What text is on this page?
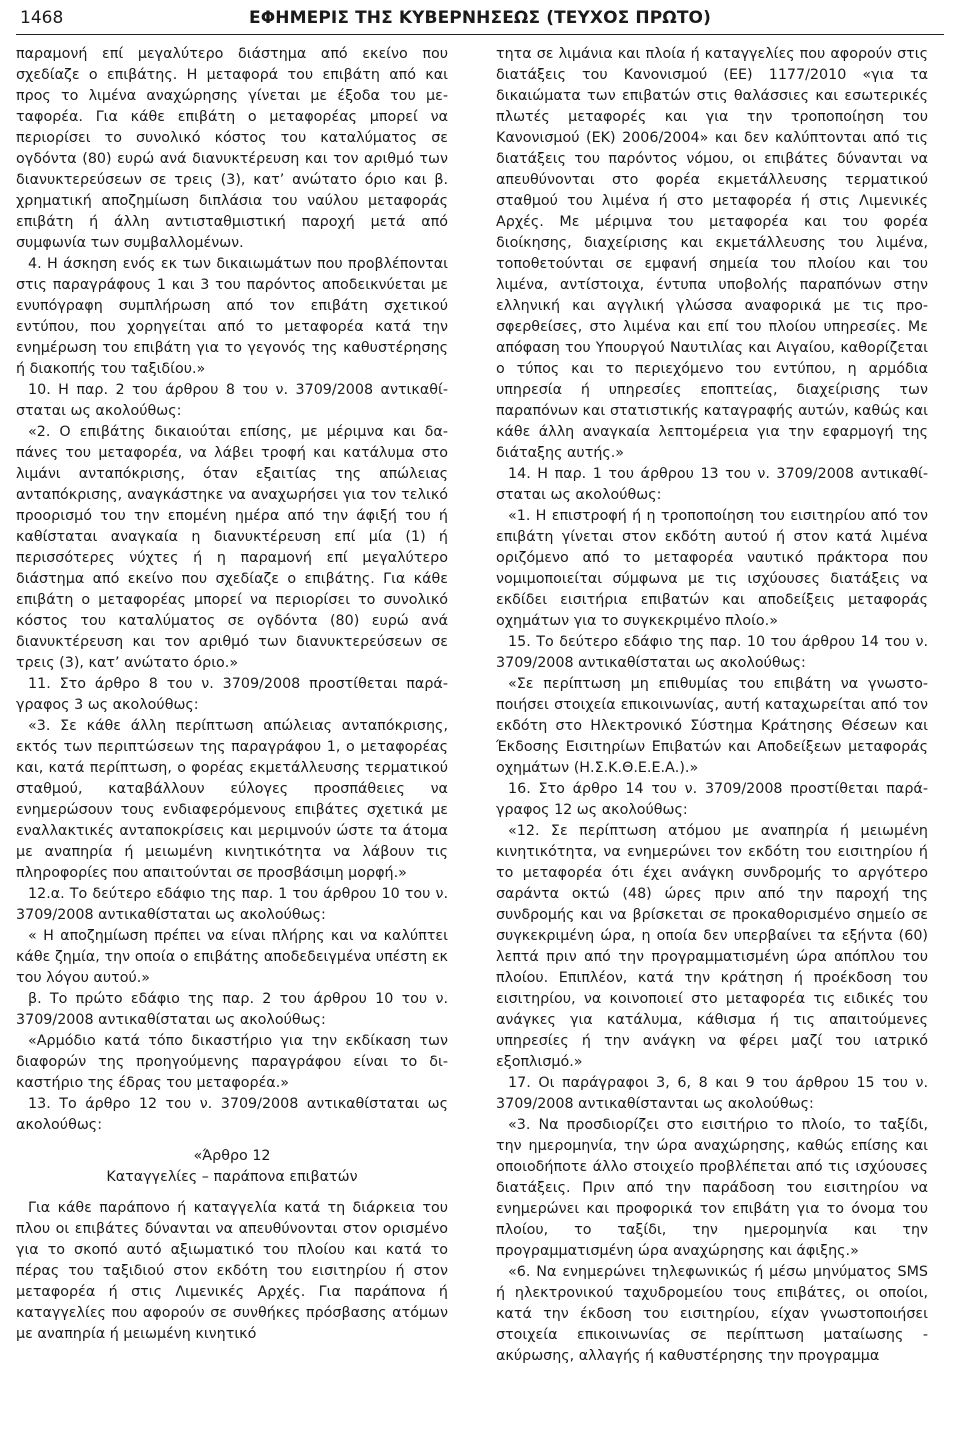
1468	ΕΦΗΜΕΡΙΣ ΤΗΣ ΚΥΒΕΡΝΗΣΕΩΣ (ΤΕΥΧΟΣ ΠΡΩΤΟ)

παραμονή επί μεγαλύτερο διάστημα από εκείνο που σχεδίαζε ο επιβάτης. Η μεταφορά του επιβάτη από και προς το λιμένα αναχώρησης γίνεται με έξοδα του μεταφορέα. Για κάθε επιβάτη ο μεταφορέας μπορεί να περιορίσει το συνολικό κόστος του καταλύματος σε ογδόντα (80) ευρώ ανά διανυκτέρευση και τον αριθμό των διανυκτερεύσεων σε τρεις (3), κατ’ ανώτατο όριο και β. χρηματική αποζημίωση διπλάσια του ναύλου μεταφοράς επιβάτη ή άλλη αντισταθμιστική παροχή μετά από συμφωνία των συμβαλλομένων.

4. Η άσκηση ενός εκ των δικαιωμάτων που προβλέπονται στις παραγράφους 1 και 3 του παρόντος αποδεικνύεται με ενυπόγραφη συμπλήρωση από τον επιβάτη σχετικού εντύπου, που χορηγείται από το μεταφορέα κατά την ενημέρωση του επιβάτη για το γεγονός της καθυστέρησης ή διακοπής του ταξιδίου.»

10. Η παρ. 2 του άρθρου 8 του ν. 3709/2008 αντικαθίσταται ως ακολούθως:

«2. Ο επιβάτης δικαιούται επίσης, με μέριμνα και δαπάνες του μεταφορέα, να λάβει τροφή και κατάλυμα στο λιμάνι ανταπόκρισης, όταν εξαιτίας της απώλειας ανταπόκρισης, αναγκάστηκε να αναχωρήσει για τον τελικό προορισμό του την επομένη ημέρα από την άφιξή του ή καθίσταται αναγκαία η διανυκτέρευση επί μία (1) ή περισσότερες νύχτες ή η παραμονή επί μεγαλύτερο διάστημα από εκείνο που σχεδίαζε ο επιβάτης. Για κάθε επιβάτη ο μεταφορέας μπορεί να περιορίσει το συνολικό κόστος του καταλύματος σε ογδόντα (80) ευρώ ανά διανυκτέρευση και τον αριθμό των διανυκτερεύσεων σε τρεις (3), κατ’ ανώτατο όριο.»

11. Στο άρθρο 8 του ν. 3709/2008 προστίθεται παράγραφος 3 ως ακολούθως:

«3. Σε κάθε άλλη περίπτωση απώλειας ανταπόκρισης, εκτός των περιπτώσεων της παραγράφου 1, ο μεταφορέας και, κατά περίπτωση, ο φορέας εκμετάλλευσης τερματικού σταθμού, καταβάλλουν εύλογες προσπάθειες να ενημερώσουν τους ενδιαφερόμενους επιβάτες σχετικά με εναλλακτικές ανταποκρίσεις και μεριμνούν ώστε τα άτομα με αναπηρία ή μειωμένη κινητικότητα να λάβουν τις πληροφορίες που απαιτούνται σε προσβάσιμη μορφή.»

12.α. Το δεύτερο εδάφιο της παρ. 1 του άρθρου 10 του ν. 3709/2008 αντικαθίσταται ως ακολούθως:

« Η αποζημίωση πρέπει να είναι πλήρης και να καλύπτει κάθε ζημία, την οποία ο επιβάτης αποδεδειγμένα υπέστη εκ του λόγου αυτού.»

β. Το πρώτο εδάφιο της παρ. 2 του άρθρου 10 του ν. 3709/2008 αντικαθίσταται ως ακολούθως:

«Αρμόδιο κατά τόπο δικαστήριο για την εκδίκαση των διαφορών της προηγούμενης παραγράφου είναι το δικαστήριο της έδρας του μεταφορέα.»

13. Το άρθρο 12 του ν. 3709/2008 αντικαθίσταται ως ακολούθως:

«Άρθρο 12

Καταγγελίες – παράπονα επιβατών

Για κάθε παράπονο ή καταγγελία κατά τη διάρκεια του πλου οι επιβάτες δύνανται να απευθύνονται στον ορισμένο για το σκοπό αυτό αξιωματικό του πλοίου και κατά το πέρας του ταξιδιού στον εκδότη του εισιτηρίου ή στον μεταφορέα ή στις Λιμενικές Αρχές. Για παράπονα ή καταγγελίες που αφορούν σε συνθήκες πρόσβασης ατόμων με αναπηρία ή μειωμένη κινητικό

τητα σε λιμάνια και πλοία ή καταγγελίες που αφορούν στις διατάξεις του Κανονισμού (ΕΕ) 1177/2010 «για τα δικαιώματα των επιβατών στις θαλάσσιες και εσωτερικές πλωτές μεταφορές και για την τροποποίηση του Κανονισμού (ΕΚ) 2006/2004» και δεν καλύπτονται από τις διατάξεις του παρόντος νόμου, οι επιβάτες δύνανται να απευθύνονται στο φορέα εκμετάλλευσης τερματικού σταθμού του λιμένα ή στο μεταφορέα ή στις Λιμενικές Αρχές. Με μέριμνα του μεταφορέα και του φορέα διοίκησης, διαχείρισης και εκμετάλλευσης του λιμένα, τοποθετούνται σε εμφανή σημεία του πλοίου και του λιμένα, αντίστοιχα, έντυπα υποβολής παραπόνων στην ελληνική και αγγλική γλώσσα αναφορικά με τις προσφερθείσες, στο λιμένα και επί του πλοίου υπηρεσίες. Με απόφαση του Υπουργού Ναυτιλίας και Αιγαίου, καθορίζεται ο τύπος και το περιεχόμενο του εντύπου, η αρμόδια υπηρεσία ή υπηρεσίες εποπτείας, διαχείρισης των παραπόνων και στατιστικής καταγραφής αυτών, καθώς και κάθε άλλη αναγκαία λεπτομέρεια για την εφαρμογή της διάταξης αυτής.»

14. Η παρ. 1 του άρθρου 13 του ν. 3709/2008 αντικαθίσταται ως ακολούθως:

«1. Η επιστροφή ή η τροποποίηση του εισιτηρίου από τον επιβάτη γίνεται στον εκδότη αυτού ή στον κατά λιμένα οριζόμενο από το μεταφορέα ναυτικό πράκτορα που νομιμοποιείται σύμφωνα με τις ισχύουσες διατάξεις να εκδίδει εισιτήρια επιβατών και αποδείξεις μεταφοράς οχημάτων για το συγκεκριμένο πλοίο.»

15. Το δεύτερο εδάφιο της παρ. 10 του άρθρου 14 του ν. 3709/2008 αντικαθίσταται ως ακολούθως:

«Σε περίπτωση μη επιθυμίας του επιβάτη να γνωστοποιήσει στοιχεία επικοινωνίας, αυτή καταχωρείται από τον εκδότη στο Ηλεκτρονικό Σύστημα Κράτησης Θέσεων και Έκδοσης Εισιτηρίων Επιβατών και Αποδείξεων μεταφοράς οχημάτων (Η.Σ.Κ.Θ.Ε.Ε.Α.).»

16. Στο άρθρο 14 του ν. 3709/2008 προστίθεται παράγραφος 12 ως ακολούθως:

«12. Σε περίπτωση ατόμου με αναπηρία ή μειωμένη κινητικότητα, να ενημερώνει τον εκδότη του εισιτηρίου ή το μεταφορέα ότι έχει ανάγκη συνδρομής το αργότερο σαράντα οκτώ (48) ώρες πριν από την παροχή της συνδρομής και να βρίσκεται σε προκαθορισμένο σημείο σε συγκεκριμένη ώρα, η οποία δεν υπερβαίνει τα εξήντα (60) λεπτά πριν από την προγραμματισμένη ώρα απόπλου του πλοίου. Επιπλέον, κατά την κράτηση ή προέκδοση του εισιτηρίου, να κοινοποιεί στο μεταφορέα τις ειδικές του ανάγκες για κατάλυμα, κάθισμα ή τις απαιτούμενες υπηρεσίες ή την ανάγκη να φέρει μαζί του ιατρικό εξοπλισμό.»

17. Οι παράγραφοι 3, 6, 8 και 9 του άρθρου 15 του ν. 3709/2008 αντικαθίστανται ως ακολούθως:

«3. Να προσδιορίζει στο εισιτήριο το πλοίο, το ταξίδι, την ημερομηνία, την ώρα αναχώρησης, καθώς επίσης και οποιοδήποτε άλλο στοιχείο προβλέπεται από τις ισχύουσες διατάξεις. Πριν από την παράδοση του εισιτηρίου να ενημερώνει και προφορικά τον επιβάτη για το όνομα του πλοίου, το ταξίδι, την ημερομηνία και την προγραμματισμένη ώρα αναχώρησης και άφιξης.»

«6. Να ενημερώνει τηλεφωνικώς ή μέσω μηνύματος SMS ή ηλεκτρονικού ταχυδρομείου τους επιβάτες, οι οποίοι, κατά την έκδοση του εισιτηρίου, είχαν γνωστοποιήσει στοιχεία επικοινωνίας σε περίπτωση ματαίωσης - ακύρωσης, αλλαγής ή καθυστέρησης την προγραμμα
